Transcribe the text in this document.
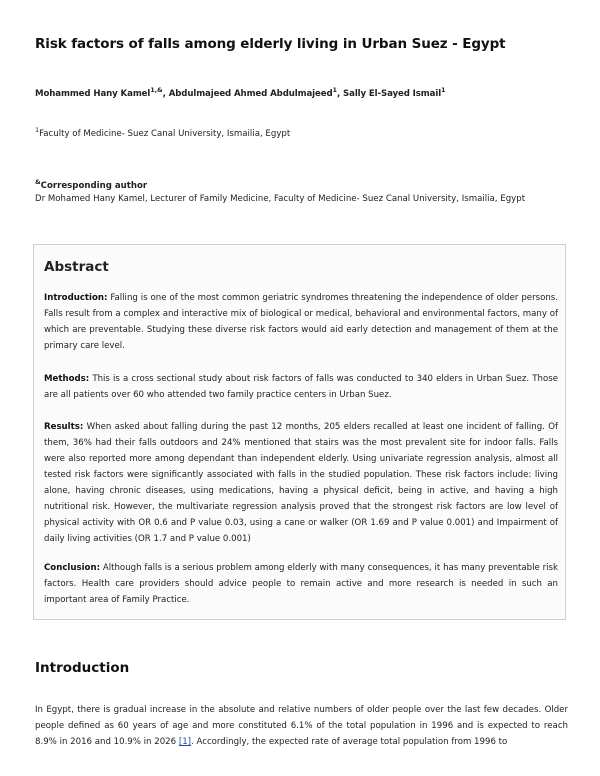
Risk factors of falls among elderly living in Urban Suez - Egypt
Mohammed Hany Kamel$^{1,\&}$, Abdulmajeed Ahmed Abdulmajeed$^1$, Sally El-Sayed Ismail$^1$
$^1$Faculty of Medicine- Suez Canal University, Ismailia, Egypt
&Corresponding author
Dr Mohamed Hany Kamel, Lecturer of Family Medicine, Faculty of Medicine- Suez Canal University, Ismailia, Egypt
Abstract
Introduction: Falling is one of the most common geriatric syndromes threatening the independence of older persons. Falls result from a complex and interactive mix of biological or medical, behavioral and environmental factors, many of which are preventable. Studying these diverse risk factors would aid early detection and management of them at the primary care level.
Methods: This is a cross sectional study about risk factors of falls was conducted to 340 elders in Urban Suez. Those are all patients over 60 who attended two family practice centers in Urban Suez.
Results: When asked about falling during the past 12 months, 205 elders recalled at least one incident of falling. Of them, 36% had their falls outdoors and 24% mentioned that stairs was the most prevalent site for indoor falls. Falls were also reported more among dependant than independent elderly. Using univariate regression analysis, almost all tested risk factors were significantly associated with falls in the studied population. These risk factors include: living alone, having chronic diseases, using medications, having a physical deficit, being in active, and having a high nutritional risk. However, the multivariate regression analysis proved that the strongest risk factors are low level of physical activity with OR 0.6 and P value 0.03, using a cane or walker (OR 1.69 and P value 0.001) and Impairment of daily living activities (OR 1.7 and P value 0.001)
Conclusion: Although falls is a serious problem among elderly with many consequences, it has many preventable risk factors. Health care providers should advice people to remain active and more research is needed in such an important area of Family Practice.
Introduction
In Egypt, there is gradual increase in the absolute and relative numbers of older people over the last few decades. Older people defined as 60 years of age and more constituted 6.1% of the total population in 1996 and is expected to reach 8.9% in 2016 and 10.9% in 2026 [1]. Accordingly, the expected rate of average total population from 1996 to
